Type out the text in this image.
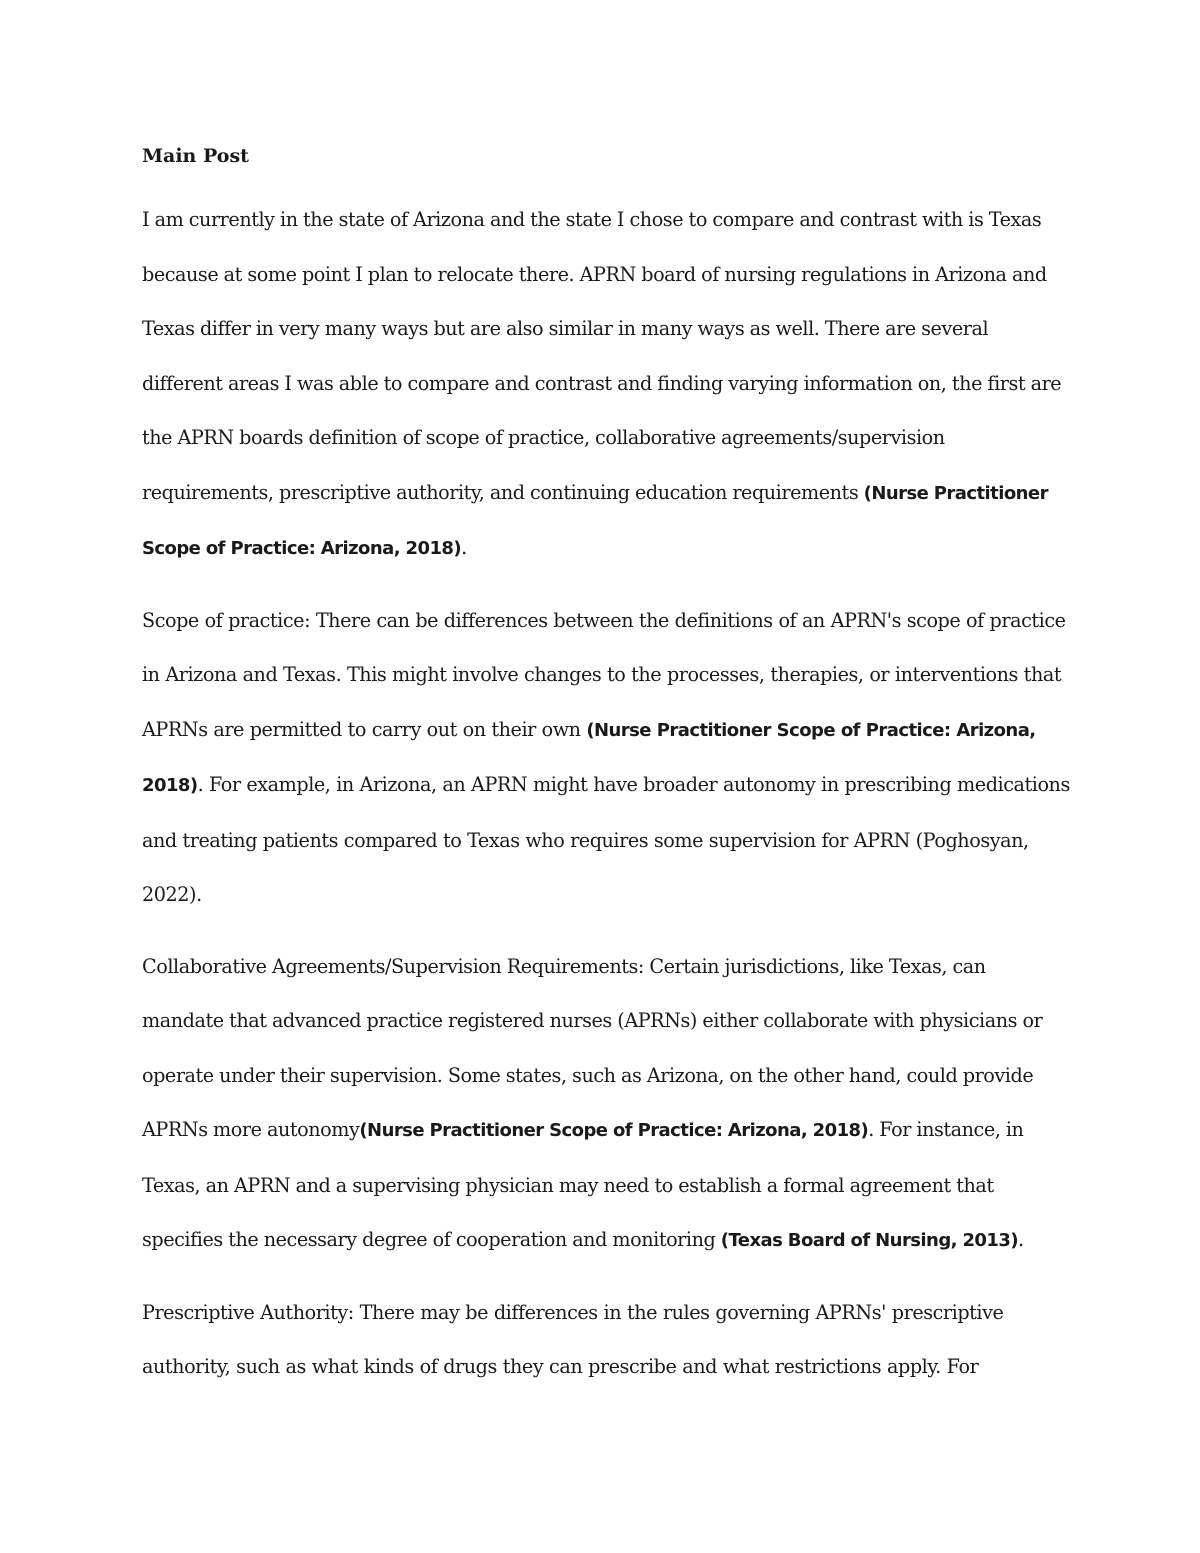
Main Post

I am currently in the state of Arizona and the state I chose to compare and contrast with is Texas because at some point I plan to relocate there. APRN board of nursing regulations in Arizona and Texas differ in very many ways but are also similar in many ways as well. There are several different areas I was able to compare and contrast and finding varying information on, the first are the APRN boards definition of scope of practice, collaborative agreements/supervision requirements, prescriptive authority, and continuing education requirements (Nurse Practitioner Scope of Practice: Arizona, 2018).

Scope of practice: There can be differences between the definitions of an APRN's scope of practice in Arizona and Texas. This might involve changes to the processes, therapies, or interventions that APRNs are permitted to carry out on their own (Nurse Practitioner Scope of Practice: Arizona, 2018). For example, in Arizona, an APRN might have broader autonomy in prescribing medications and treating patients compared to Texas who requires some supervision for APRN (Poghosyan, 2022).

Collaborative Agreements/Supervision Requirements: Certain jurisdictions, like Texas, can mandate that advanced practice registered nurses (APRNs) either collaborate with physicians or operate under their supervision. Some states, such as Arizona, on the other hand, could provide APRNs more autonomy(Nurse Practitioner Scope of Practice: Arizona, 2018). For instance, in Texas, an APRN and a supervising physician may need to establish a formal agreement that specifies the necessary degree of cooperation and monitoring (Texas Board of Nursing, 2013).

Prescriptive Authority: There may be differences in the rules governing APRNs' prescriptive authority, such as what kinds of drugs they can prescribe and what restrictions apply. For
